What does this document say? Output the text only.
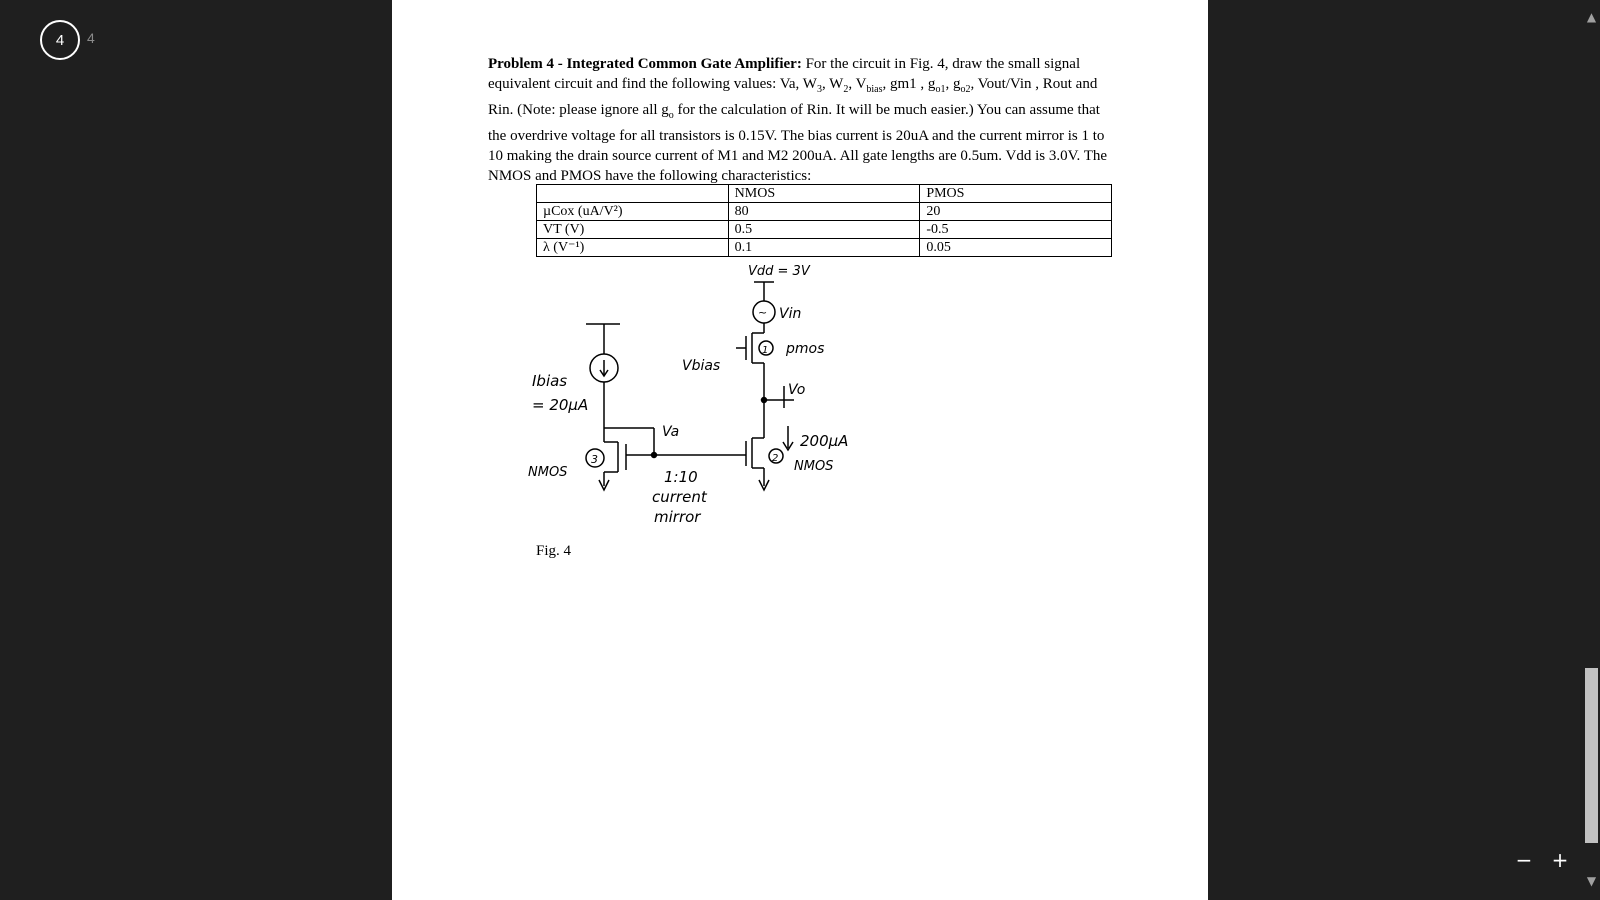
4	4
Problem 4 - Integrated Common Gate Amplifier: For the circuit in Fig. 4, draw the small signal equivalent circuit and find the following values: Va, $W_3$, $W_2$, $V_{bias}$, gm1 , $g_{o1}$, $g_{o2}$, Vout/Vin , Rout and Rin. (Note: please ignore all $g_o$ for the calculation of Rin. It will be much easier.) You can assume that the overdrive voltage for all transistors is 0.15V. The bias current is 20uA and the current mirror is 1 to 10 making the drain source current of M1 and M2 200uA. All gate lengths are 0.5um. Vdd is 3.0V. The NMOS and PMOS have the following characteristics:
	NMOS	PMOS
µCox (uA/V²)	80	20
VT (V)	0.5	-0.5
λ (V⁻¹)	0.1	0.05
Vdd = 3V
~ Vin
1 pmos
Vbias
Vo
200µA
2
NMOS
Va
Ibias
= 20µA
3
NMOS	1:10
current
mirror
Fig. 4
▲
▼
− +
